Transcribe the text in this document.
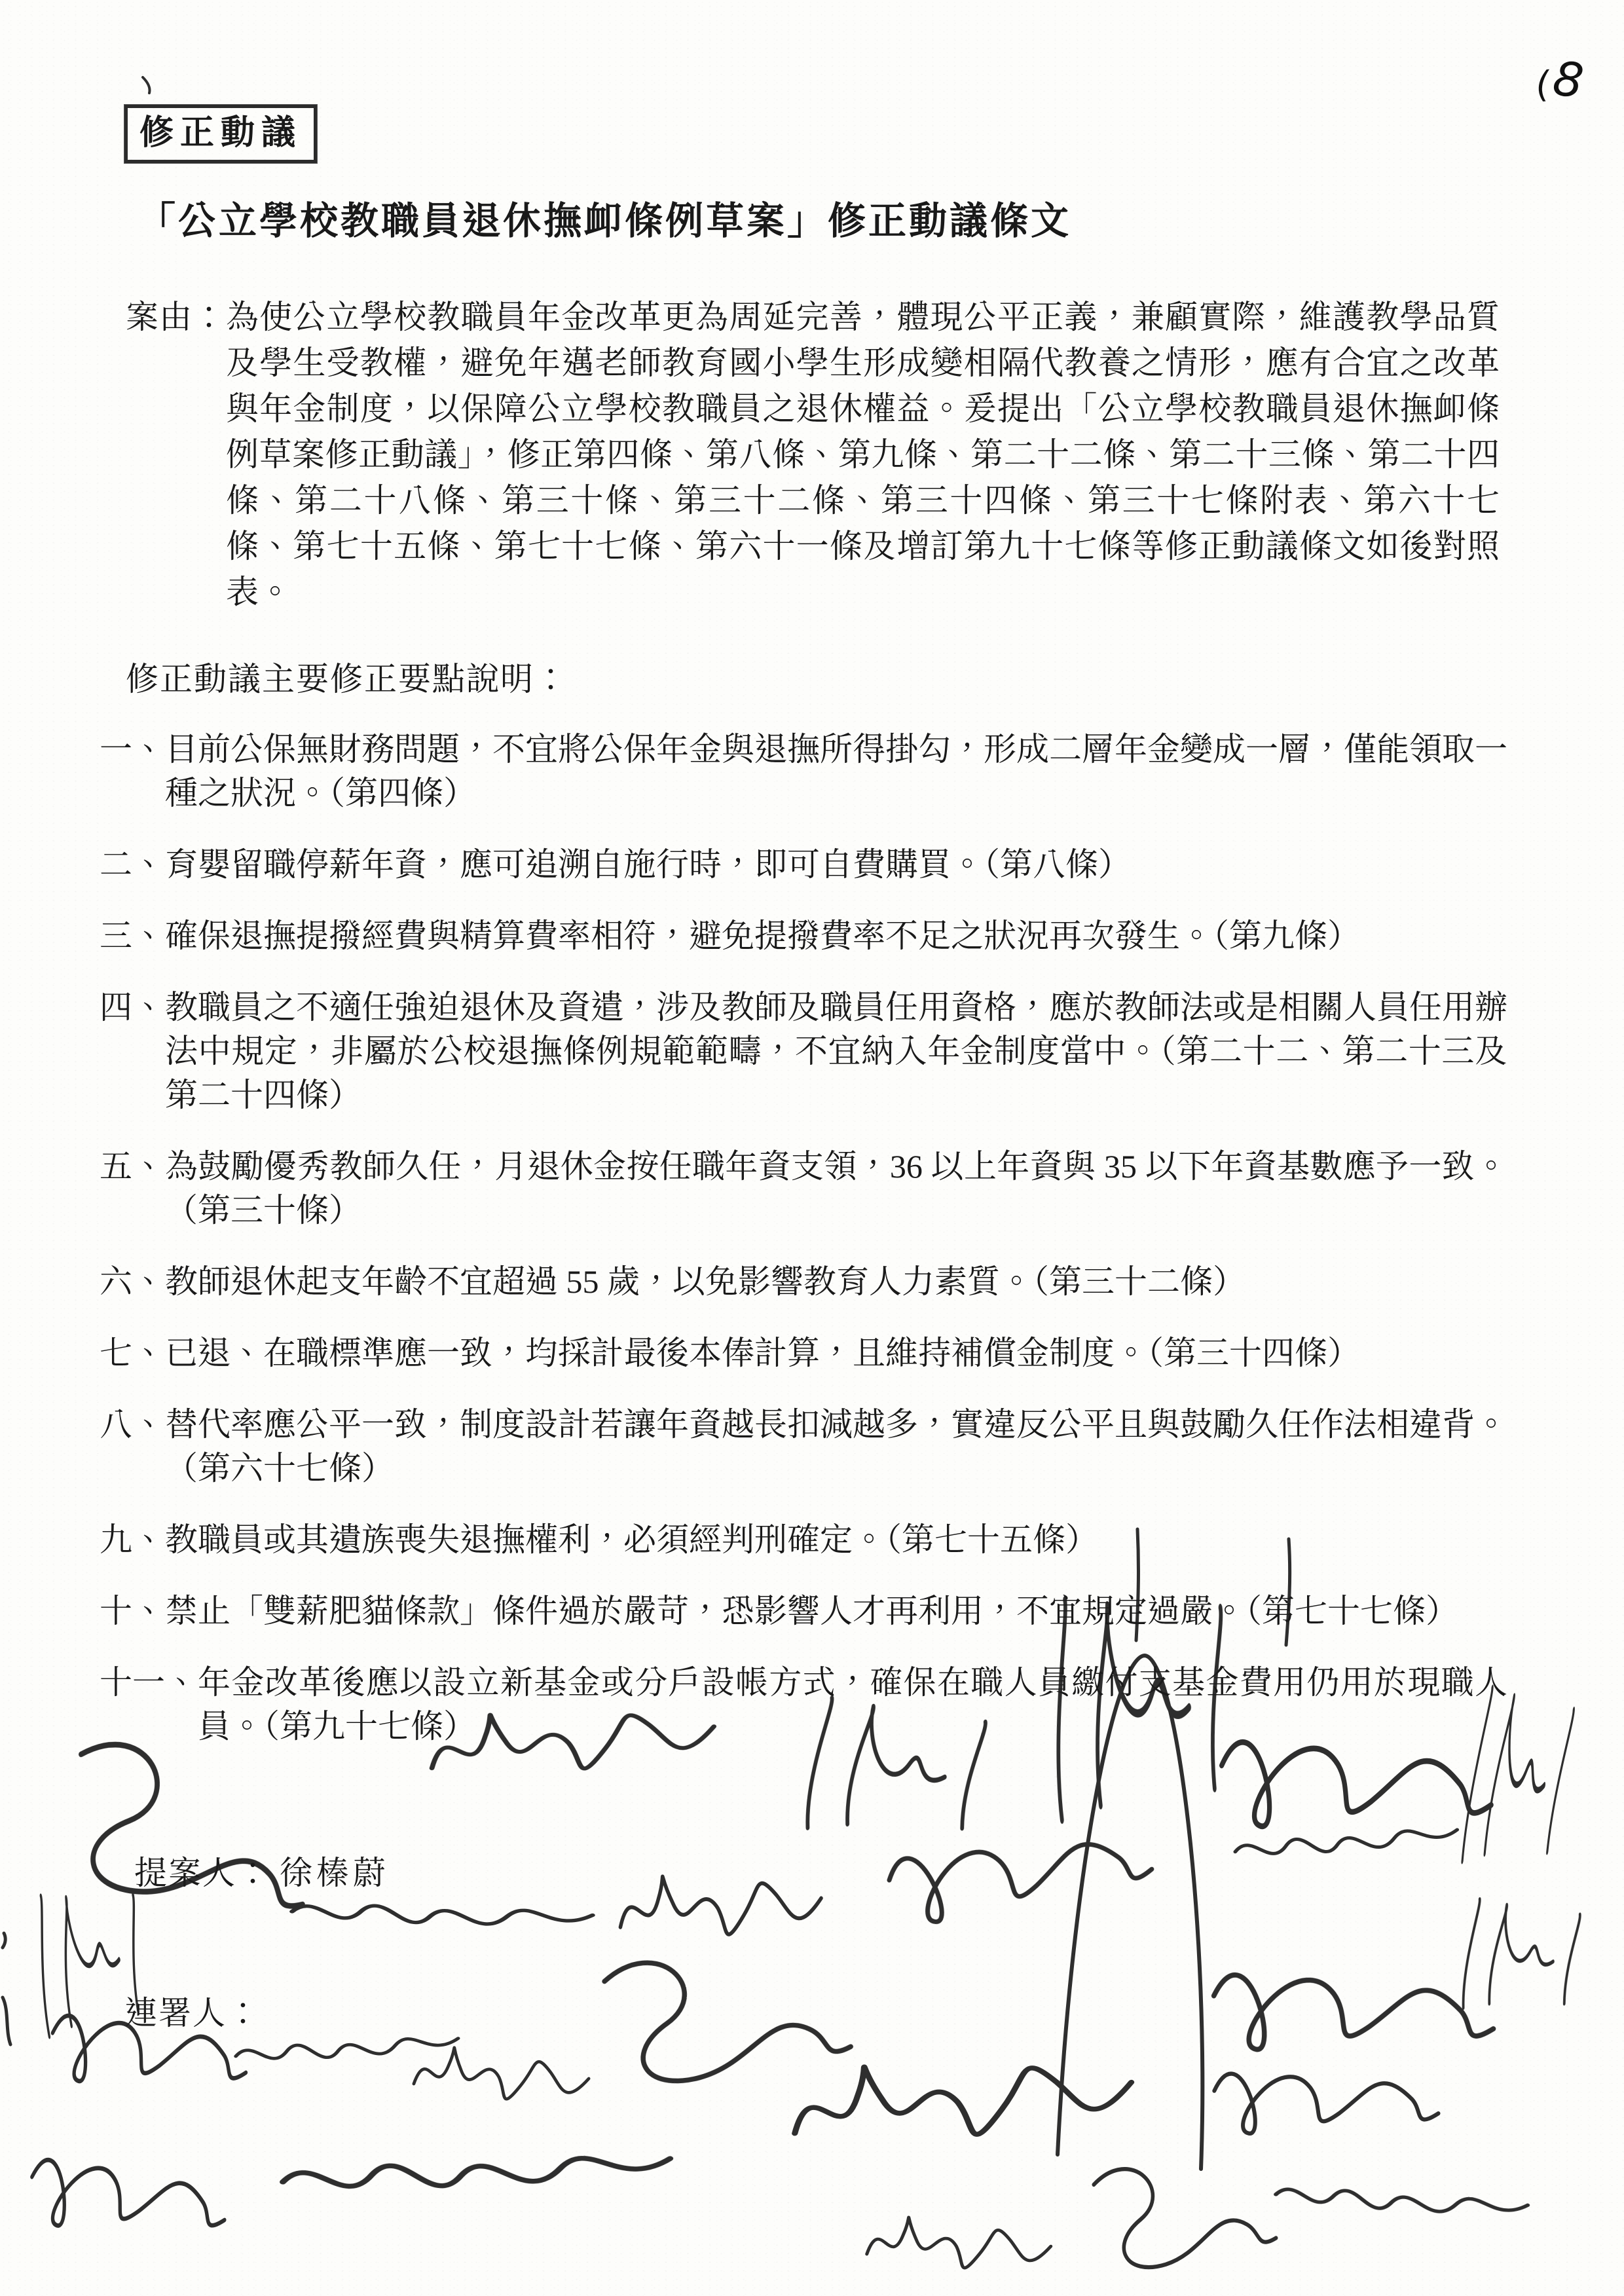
(8
修正動議
「公立學校教職員退休撫卹條例草案」修正動議條文
案由： 為使公立學校教職員年金改革更為周延完善，體現公平正義，兼顧實際，維護教學品質及學生受教權，避免年邁老師教育國小學生形成變相隔代教養之情形，應有合宜之改革與年金制度，以保障公立學校教職員之退休權益。爰提出「公立學校教職員退休撫卹條例草案修正動議」，修正第四條、第八條、第九條、第二十二條、第二十三條、第二十四條、第二十八條、第三十條、第三十二條、第三十四條、第三十七條附表、第六十七條、第七十五條、第七十七條、第六十一條及增訂第九十七條等修正動議條文如後對照表。
修正動議主要修正要點說明：
一、 目前公保無財務問題，不宜將公保年金與退撫所得掛勾，形成二層年金變成一層，僅能領取一種之狀況。（第四條）
二、 育嬰留職停薪年資，應可追溯自施行時，即可自費購買。（第八條）
三、 確保退撫提撥經費與精算費率相符，避免提撥費率不足之狀況再次發生。（第九條）
四、 教職員之不適任強迫退休及資遣，涉及教師及職員任用資格，應於教師法或是相關人員任用辦法中規定，非屬於公校退撫條例規範範疇，不宜納入年金制度當中。（第二十二、第二十三及第二十四條）
五、 為鼓勵優秀教師久任，月退休金按任職年資支領，36 以上年資與 35 以下年資基數應予一致。（第三十條）
六、 教師退休起支年齡不宜超過 55 歲，以免影響教育人力素質。（第三十二條）
七、 已退、在職標準應一致，均採計最後本俸計算，且維持補償金制度。（第三十四條）
八、 替代率應公平一致，制度設計若讓年資越長扣減越多，實違反公平且與鼓勵久任作法相違背。（第六十七條）
九、 教職員或其遺族喪失退撫權利，必須經判刑確定。（第七十五條）
十、 禁止「雙薪肥貓條款」條件過於嚴苛，恐影響人才再利用，不宜規定過嚴。（第七十七條）
十一、 年金改革後應以設立新基金或分戶設帳方式，確保在職人員繳付支基金費用仍用於現職人員。（第九十七條）
提案人： 徐榛蔚
連署人：
